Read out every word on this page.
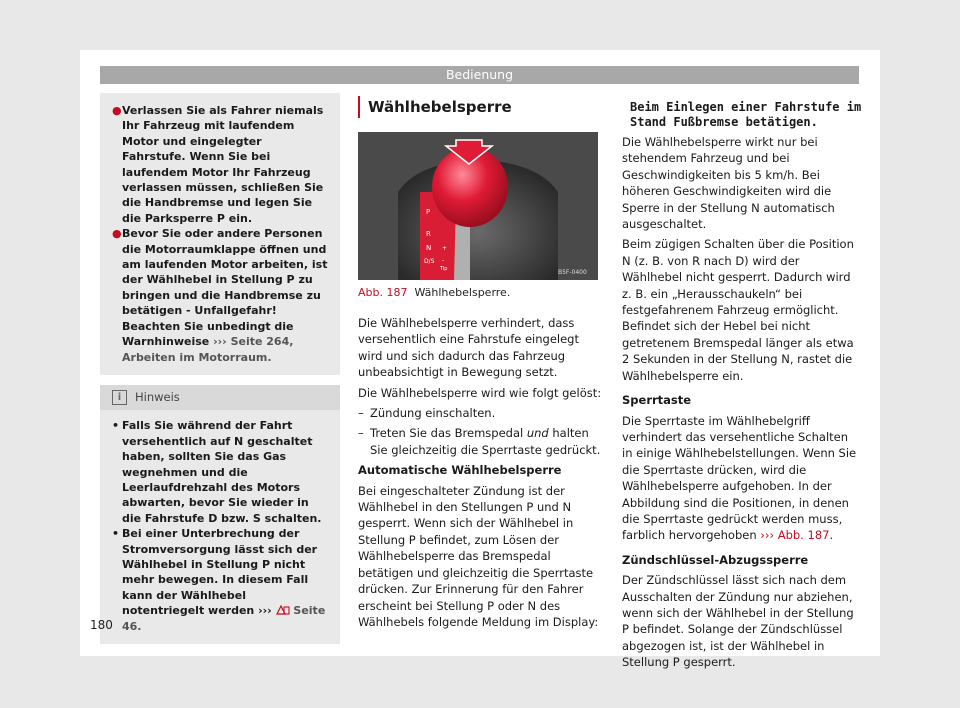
Bedienung
● Verlassen Sie als Fahrer niemals Ihr Fahrzeug mit laufendem Motor und eingelegter Fahrstufe. Wenn Sie bei laufendem Motor Ihr Fahrzeug verlassen müssen, schließen Sie die Handbremse und legen Sie die Parksperre P ein.
● Bevor Sie oder andere Personen die Motorraumklappe öffnen und am laufenden Motor arbeiten, ist der Wählhebel in Stellung P zu bringen und die Handbremse zu betätigen - Unfallgefahr! Beachten Sie unbedingt die Warnhinweise ››› Seite 264, Arbeiten im Motorraum.
i	Hinweis
• Falls Sie während der Fahrt versehentlich auf N geschaltet haben, sollten Sie das Gas wegnehmen und die Leerlaufdrehzahl des Motors abwarten, bevor Sie wieder in die Fahrstufe D bzw. S schalten.
• Bei einer Unterbrechung der Stromversorgung lässt sich der Wählhebel in Stellung P nicht mehr bewegen. In diesem Fall kann der Wählhebel notentriegelt werden ››› Seite 46.
Wählhebelsperre
P
R
N
D/S
+
-
Tip	B5F-0400
Abb. 187 Wählhebelsperre.

Die Wählhebelsperre verhindert, dass versehentlich eine Fahrstufe eingelegt wird und sich dadurch das Fahrzeug unbeabsichtigt in Bewegung setzt.

Die Wählhebelsperre wird wie folgt gelöst:

– Zündung einschalten.

– Treten Sie das Bremspedal und halten Sie gleichzeitig die Sperrtaste gedrückt.

Automatische Wählhebelsperre

Bei eingeschalteter Zündung ist der Wählhebel in den Stellungen P und N gesperrt. Wenn sich der Wählhebel in Stellung P befindet, zum Lösen der Wählhebelsperre das Bremspedal betätigen und gleichzeitig die Sperrtaste drücken. Zur Erinnerung für den Fahrer erscheint bei Stellung P oder N des Wählhebels folgende Meldung im Display:

Beim Einlegen einer Fahrstufe im Stand Fußbremse betätigen.

Die Wählhebelsperre wirkt nur bei stehendem Fahrzeug und bei Geschwindigkeiten bis 5 km/h. Bei höheren Geschwindigkeiten wird die Sperre in der Stellung N automatisch ausgeschaltet.

Beim zügigen Schalten über die Position N (z. B. von R nach D) wird der Wählhebel nicht gesperrt. Dadurch wird z. B. ein „Herausschaukeln“ bei festgefahrenem Fahrzeug ermöglicht. Befindet sich der Hebel bei nicht getretenem Bremspedal länger als etwa 2 Sekunden in der Stellung N, rastet die Wählhebelsperre ein.

Sperrtaste

Die Sperrtaste im Wählhebelgriff verhindert das versehentliche Schalten in einige Wählhebelstellungen. Wenn Sie die Sperrtaste drücken, wird die Wählhebelsperre aufgehoben. In der Abbildung sind die Positionen, in denen die Sperrtaste gedrückt werden muss, farblich hervorgehoben ››› Abb. 187.

Zündschlüssel-Abzugssperre

Der Zündschlüssel lässt sich nach dem Ausschalten der Zündung nur abziehen, wenn sich der Wählhebel in der Stellung P befindet. Solange der Zündschlüssel abgezogen ist, ist der Wählhebel in Stellung P gesperrt.

180
